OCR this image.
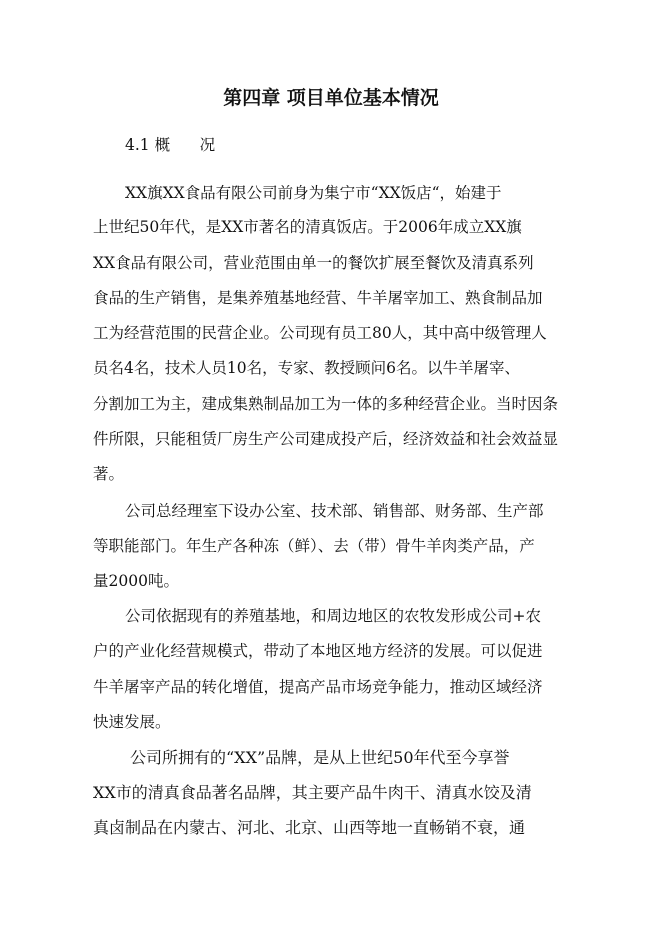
第四章 项目单位基本情况
4.1 概      况
XX旗XX食品有限公司前身为集宁市“XX饭店“，始建于
上世纪50年代，是XX市著名的清真饭店。于2006年成立XX旗
XX食品有限公司，营业范围由单一的餐饮扩展至餐饮及清真系列
食品的生产销售，是集养殖基地经营、牛羊屠宰加工、熟食制品加
工为经营范围的民营企业。公司现有员工80人，其中高中级管理人
员名4名，技术人员10名，专家、教授顾问6名。以牛羊屠宰、
分割加工为主，建成集熟制品加工为一体的多种经营企业。当时因条
件所限，只能租赁厂房生产公司建成投产后，经济效益和社会效益显
著。
公司总经理室下设办公室、技术部、销售部、财务部、生产部
等职能部门。年生产各种冻（鲜）、去（带）骨牛羊肉类产品，产
量2000吨。
公司依据现有的养殖基地，和周边地区的农牧发形成公司+农
户的产业化经营规模式，带动了本地区地方经济的发展。可以促进
牛羊屠宰产品的转化增值，提高产品市场竞争能力，推动区域经济
快速发展。
公司所拥有的“XX”品牌，是从上世纪50年代至今享誉
XX市的清真食品著名品牌，其主要产品牛肉干、清真水饺及清
真卤制品在内蒙古、河北、北京、山西等地一直畅销不衰，通
